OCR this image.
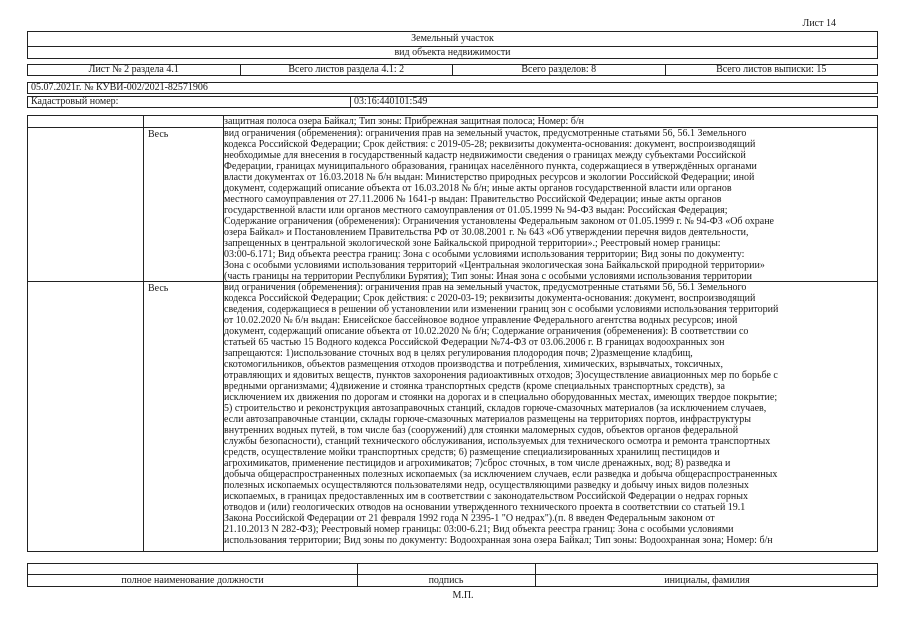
Лист 14
Земельный участок
вид объекта недвижимости
Лист № 2 раздела 4.1	Всего листов раздела 4.1: 2	Всего разделов: 8	Всего листов выписки: 15
05.07.2021г. № КУВИ-002/2021-82571906
Кадастровый номер:	03:16:440101:549
защитная полоса озера Байкал; Тип зоны: Прибрежная защитная полоса; Номер: б/н
Весь	вид ограничения (обременения): ограничения прав на земельный участок, предусмотренные статьями 56, 56.1 Земельного
кодекса Российской Федерации; Срок действия: с 2019-05-28; реквизиты документа-основания: документ, воспроизводящий
необходимые для внесения в государственный кадастр недвижимости сведения о границах между субъектами Российской
Федерации, границах муниципального образования, границах населённого пункта, содержащиеся в утверждённых органами
власти документах от 16.03.2018 № б/н выдан: Министерство природных ресурсов и экологии Российской Федерации; иной
документ, содержащий описание объекта от 16.03.2018 № б/н; иные акты органов государственной власти или органов
местного самоуправления от 27.11.2006 № 1641-р выдан: Правительство Российской Федерации; иные акты органов
государственной власти или органов местного самоуправления от 01.05.1999 № 94-ФЗ выдан: Российская Федерация;
Содержание ограничения (обременения): Ограничения установлены Федеральным законом от 01.05.1999 г. № 94-ФЗ «Об охране
озера Байкал» и Постановлением Правительства РФ от 30.08.2001 г. № 643 «Об утверждении перечня видов деятельности,
запрещенных в центральной экологической зоне Байкальской природной территории».; Реестровый номер границы:
03:00-6.171; Вид объекта реестра границ: Зона с особыми условиями использования территории; Вид зоны по документу:
Зона с особыми условиями использования территорий «Центральная экологическая зона Байкальской природной территории»
(часть границы на территории Республики Бурятия); Тип зоны: Иная зона с особыми условиями использования территории
Весь	вид ограничения (обременения): ограничения прав на земельный участок, предусмотренные статьями 56, 56.1 Земельного
кодекса Российской Федерации; Срок действия: с 2020-03-19; реквизиты документа-основания: документ, воспроизводящий
сведения, содержащиеся в решении об установлении или изменении границ зон с особыми условиями использования территорий
от 10.02.2020 № б/н выдан: Енисейское бассейновое водное управление Федерального агентства водных ресурсов; иной
документ, содержащий описание объекта от 10.02.2020 № б/н; Содержание ограничения (обременения): В соответствии со
статьей 65 частью 15 Водного кодекса Российской Федерации №74-ФЗ от 03.06.2006 г. В границах водоохранных зон
запрещаются: 1)использование сточных вод в целях регулирования плодородия почв; 2)размещение кладбищ,
скотомогильников, объектов размещения отходов производства и потребления, химических, взрывчатых, токсичных,
отравляющих и ядовитых веществ, пунктов захоронения радиоактивных отходов; 3)осуществление авиационных мер по борьбе с
вредными организмами; 4)движение и стоянка транспортных средств (кроме специальных транспортных средств), за
исключением их движения по дорогам и стоянки на дорогах и в специально оборудованных местах, имеющих твердое покрытие;
5) строительство и реконструкция автозаправочных станций, складов горюче-смазочных материалов (за исключением случаев,
если автозаправочные станции, склады горюче-смазочных материалов размещены на территориях портов, инфраструктуры
внутренних водных путей, в том числе баз (сооружений) для стоянки маломерных судов, объектов органов федеральной
службы безопасности), станций технического обслуживания, используемых для технического осмотра и ремонта транспортных
средств, осуществление мойки транспортных средств; 6) размещение специализированных хранилищ пестицидов и
агрохимикатов, применение пестицидов и агрохимикатов; 7)сброс сточных, в том числе дренажных, вод; 8) разведка и
добыча общераспространенных полезных ископаемых (за исключением случаев, если разведка и добыча общераспространенных
полезных ископаемых осуществляются пользователями недр, осуществляющими разведку и добычу иных видов полезных
ископаемых, в границах предоставленных им в соответствии с законодательством Российской Федерации о недрах горных
отводов и (или) геологических отводов на основании утвержденного технического проекта в соответствии со статьей 19.1
Закона Российской Федерации от 21 февраля 1992 года N 2395-1 "О недрах").(п. 8 введен Федеральным законом от
21.10.2013 N 282-ФЗ); Реестровый номер границы: 03:00-6.21; Вид объекта реестра границ: Зона с особыми условиями
использования территории; Вид зоны по документу: Водоохранная зона озера Байкал; Тип зоны: Водоохранная зона; Номер: б/н
полное наименование должности	подпись	инициалы, фамилия
М.П.
